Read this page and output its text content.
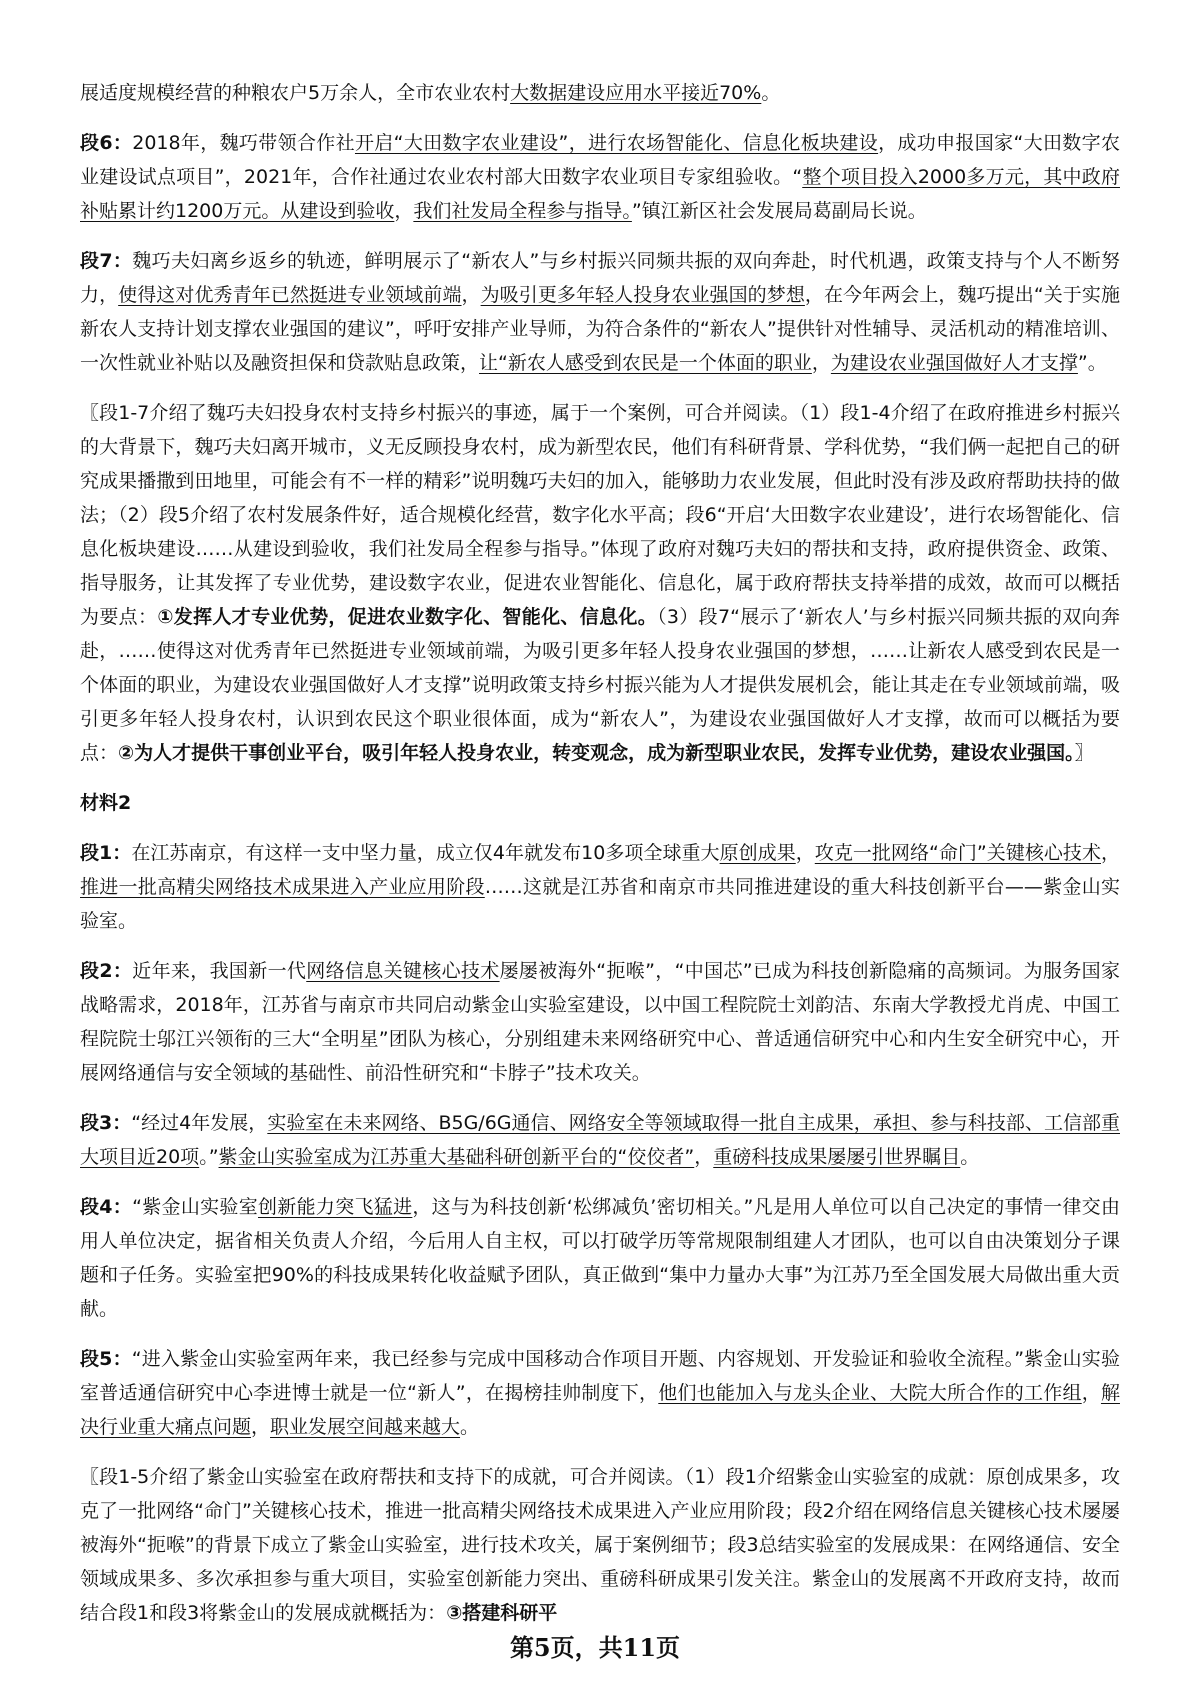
展适度规模经营的种粮农户5万余人，全市农业农村大数据建设应用水平接近70%。

段6：2018年，魏巧带领合作社开启“大田数字农业建设”，进行农场智能化、信息化板块建设，成功申报国家“大田数字农业建设试点项目”，2021年，合作社通过农业农村部大田数字农业项目专家组验收。“整个项目投入2000多万元，其中政府补贴累计约1200万元。从建设到验收，我们社发局全程参与指导。”镇江新区社会发展局葛副局长说。

段7：魏巧夫妇离乡返乡的轨迹，鲜明展示了“新农人”与乡村振兴同频共振的双向奔赴，时代机遇，政策支持与个人不断努力，使得这对优秀青年已然挺进专业领域前端，为吸引更多年轻人投身农业强国的梦想，在今年两会上，魏巧提出“关于实施新农人支持计划支撑农业强国的建议”，呼吁安排产业导师，为符合条件的“新农人”提供针对性辅导、灵活机动的精准培训、一次性就业补贴以及融资担保和贷款贴息政策，让“新农人感受到农民是一个体面的职业，为建设农业强国做好人才支撑”。

〖段1-7介绍了魏巧夫妇投身农村支持乡村振兴的事迹，属于一个案例，可合并阅读。（1）段1-4介绍了在政府推进乡村振兴的大背景下，魏巧夫妇离开城市，义无反顾投身农村，成为新型农民，他们有科研背景、学科优势，“我们俩一起把自己的研究成果播撒到田地里，可能会有不一样的精彩”说明魏巧夫妇的加入，能够助力农业发展，但此时没有涉及政府帮助扶持的做法；（2）段5介绍了农村发展条件好，适合规模化经营，数字化水平高；段6“开启‘大田数字农业建设’，进行农场智能化、信息化板块建设……从建设到验收，我们社发局全程参与指导。”体现了政府对魏巧夫妇的帮扶和支持，政府提供资金、政策、指导服务，让其发挥了专业优势，建设数字农业，促进农业智能化、信息化，属于政府帮扶支持举措的成效，故而可以概括为要点：①发挥人才专业优势，促进农业数字化、智能化、信息化。（3）段7“展示了‘新农人’与乡村振兴同频共振的双向奔赴，……使得这对优秀青年已然挺进专业领域前端，为吸引更多年轻人投身农业强国的梦想，……让新农人感受到农民是一个体面的职业，为建设农业强国做好人才支撑”说明政策支持乡村振兴能为人才提供发展机会，能让其走在专业领域前端，吸引更多年轻人投身农村，认识到农民这个职业很体面，成为“新农人”，为建设农业强国做好人才支撑，故而可以概括为要点：②为人才提供干事创业平台，吸引年轻人投身农业，转变观念，成为新型职业农民，发挥专业优势，建设农业强国。〗

材料2

段1：在江苏南京，有这样一支中坚力量，成立仅4年就发布10多项全球重大原创成果，攻克一批网络“命门”关键核心技术，推进一批高精尖网络技术成果进入产业应用阶段……这就是江苏省和南京市共同推进建设的重大科技创新平台——紫金山实验室。

段2：近年来，我国新一代网络信息关键核心技术屡屡被海外“扼喉”，“中国芯”已成为科技创新隐痛的高频词。为服务国家战略需求，2018年，江苏省与南京市共同启动紫金山实验室建设，以中国工程院院士刘韵洁、东南大学教授尤肖虎、中国工程院院士邬江兴领衔的三大“全明星”团队为核心，分别组建未来网络研究中心、普适通信研究中心和内生安全研究中心，开展网络通信与安全领域的基础性、前沿性研究和“卡脖子”技术攻关。

段3：“经过4年发展，实验室在未来网络、B5G/6G通信、网络安全等领域取得一批自主成果，承担、参与科技部、工信部重大项目近20项。”紫金山实验室成为江苏重大基础科研创新平台的“佼佼者”，重磅科技成果屡屡引世界瞩目。

段4：“紫金山实验室创新能力突飞猛进，这与为科技创新‘松绑减负’密切相关。”凡是用人单位可以自己决定的事情一律交由用人单位决定，据省相关负责人介绍，今后用人自主权，可以打破学历等常规限制组建人才团队，也可以自由决策划分子课题和子任务。实验室把90%的科技成果转化收益赋予团队，真正做到“集中力量办大事”为江苏乃至全国发展大局做出重大贡献。

段5：“进入紫金山实验室两年来，我已经参与完成中国移动合作项目开题、内容规划、开发验证和验收全流程。”紫金山实验室普适通信研究中心李进博士就是一位“新人”，在揭榜挂帅制度下，他们也能加入与龙头企业、大院大所合作的工作组，解决行业重大痛点问题，职业发展空间越来越大。

〖段1-5介绍了紫金山实验室在政府帮扶和支持下的成就，可合并阅读。（1）段1介绍紫金山实验室的成就：原创成果多，攻克了一批网络“命门”关键核心技术，推进一批高精尖网络技术成果进入产业应用阶段；段2介绍在网络信息关键核心技术屡屡被海外“扼喉”的背景下成立了紫金山实验室，进行技术攻关，属于案例细节；段3总结实验室的发展成果：在网络通信、安全领域成果多、多次承担参与重大项目，实验室创新能力突出、重磅科研成果引发关注。紫金山的发展离不开政府支持，故而结合段1和段3将紫金山的发展成就概括为：③搭建科研平

第5页，共11页
